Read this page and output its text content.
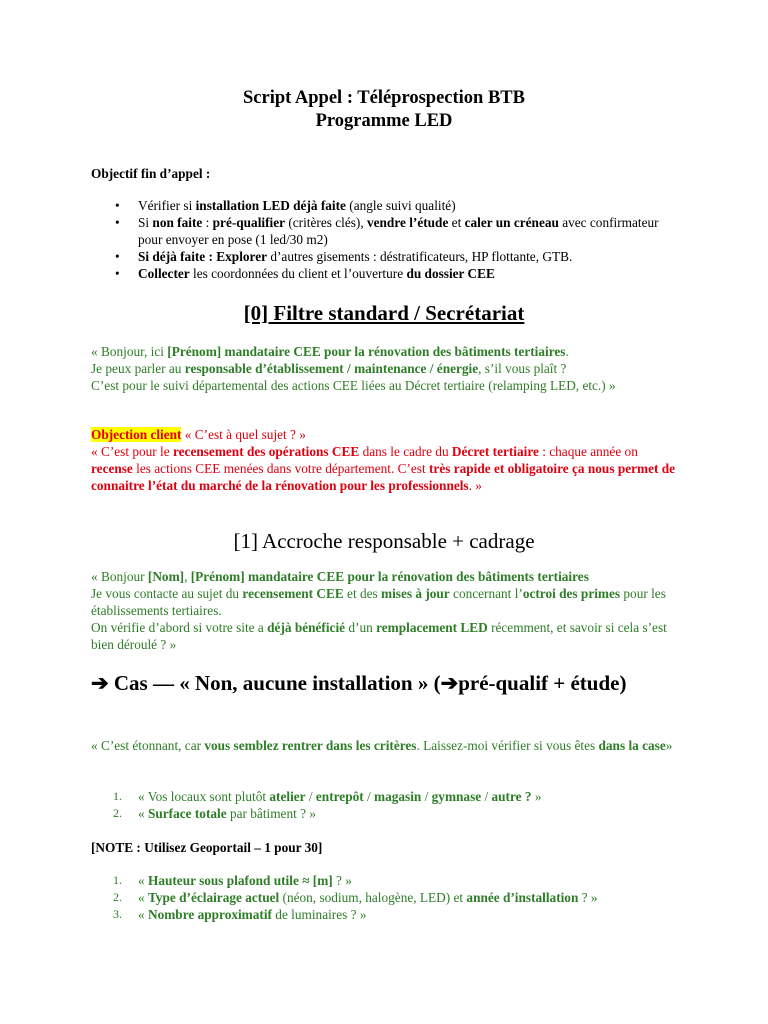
Script Appel : Téléprospection BTB
Programme LED
Objectif fin d’appel :
• Vérifier si installation LED déjà faite (angle suivi qualité)
• Si non faite : pré-qualifier (critères clés), vendre l’étude et caler un créneau avec confirmateur pour envoyer en pose (1 led/30 m2)
• Si déjà faite : Explorer d’autres gisements : déstratificateurs, HP flottante, GTB.
• Collecter les coordonnées du client et l’ouverture du dossier CEE
[0] Filtre standard / Secrétariat
« Bonjour, ici [Prénom] mandataire CEE pour la rénovation des bâtiments tertiaires.
Je peux parler au responsable d’établissement / maintenance / énergie, s’il vous plaît ?
C’est pour le suivi départemental des actions CEE liées au Décret tertiaire (relamping LED, etc.) »
Objection client « C’est à quel sujet ? »
« C’est pour le recensement des opérations CEE dans le cadre du Décret tertiaire : chaque année on recense les actions CEE menées dans votre département. C’est très rapide et obligatoire ça nous permet de connaitre l’état du marché de la rénovation pour les professionnels. »
[1] Accroche responsable + cadrage
« Bonjour [Nom], [Prénom] mandataire CEE pour la rénovation des bâtiments tertiaires
Je vous contacte au sujet du recensement CEE et des mises à jour concernant l’octroi des primes pour les établissements tertiaires.
On vérifie d’abord si votre site a déjà bénéficié d’un remplacement LED récemment, et savoir si cela s’est bien déroulé ? »
➔ Cas — « Non, aucune installation » (➔pré-qualif + étude)
« C’est étonnant, car vous semblez rentrer dans les critères. Laissez-moi vérifier si vous êtes dans la case»
1. « Vos locaux sont plutôt atelier / entrepôt / magasin / gymnase / autre ? »
2. « Surface totale par bâtiment ? »
[NOTE : Utilisez Geoportail – 1 pour 30]
1. « Hauteur sous plafond utile ≈ [m] ? »
2. « Type d’éclairage actuel (néon, sodium, halogène, LED) et année d’installation ? »
3. « Nombre approximatif de luminaires ? »
